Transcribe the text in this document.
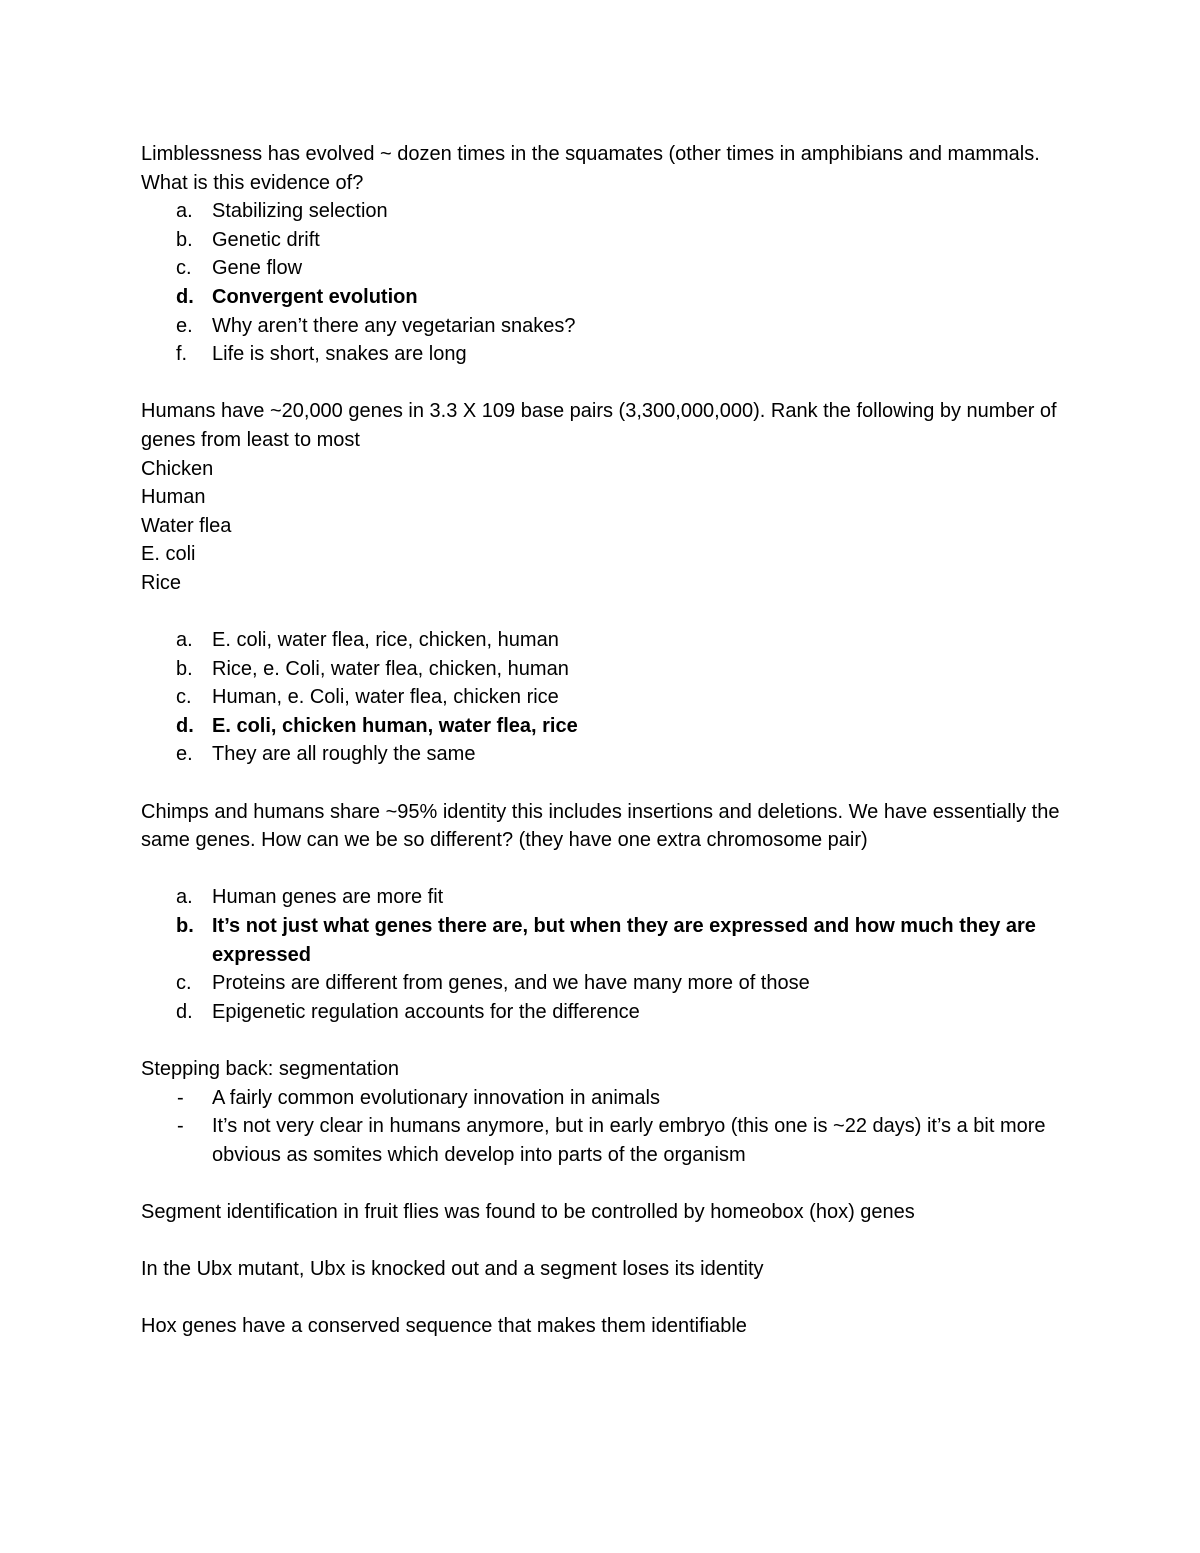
Limblessness has evolved ~ dozen times in the squamates (other times in amphibians and mammals. What is this evidence of?

a. Stabilizing selection
b. Genetic drift
c. Gene flow
d. Convergent evolution
e. Why aren’t there any vegetarian snakes?
f. Life is short, snakes are long

Humans have ~20,000 genes in 3.3 X 109 base pairs (3,300,000,000). Rank the following by number of genes from least to most

Chicken

Human

Water flea

E. coli

Rice

a. E. coli, water flea, rice, chicken, human
b. Rice, e. Coli, water flea, chicken, human
c. Human, e. Coli, water flea, chicken rice
d. E. coli, chicken human, water flea, rice
e. They are all roughly the same

Chimps and humans share ~95% identity this includes insertions and deletions. We have essentially the same genes. How can we be so different? (they have one extra chromosome pair)

a. Human genes are more fit
b. It’s not just what genes there are, but when they are expressed and how much they are expressed
c. Proteins are different from genes, and we have many more of those
d. Epigenetic regulation accounts for the difference

Stepping back: segmentation

- A fairly common evolutionary innovation in animals
- It’s not very clear in humans anymore, but in early embryo (this one is ~22 days) it’s a bit more obvious as somites which develop into parts of the organism

Segment identification in fruit flies was found to be controlled by homeobox (hox) genes

In the Ubx mutant, Ubx is knocked out and a segment loses its identity

Hox genes have a conserved sequence that makes them identifiable
